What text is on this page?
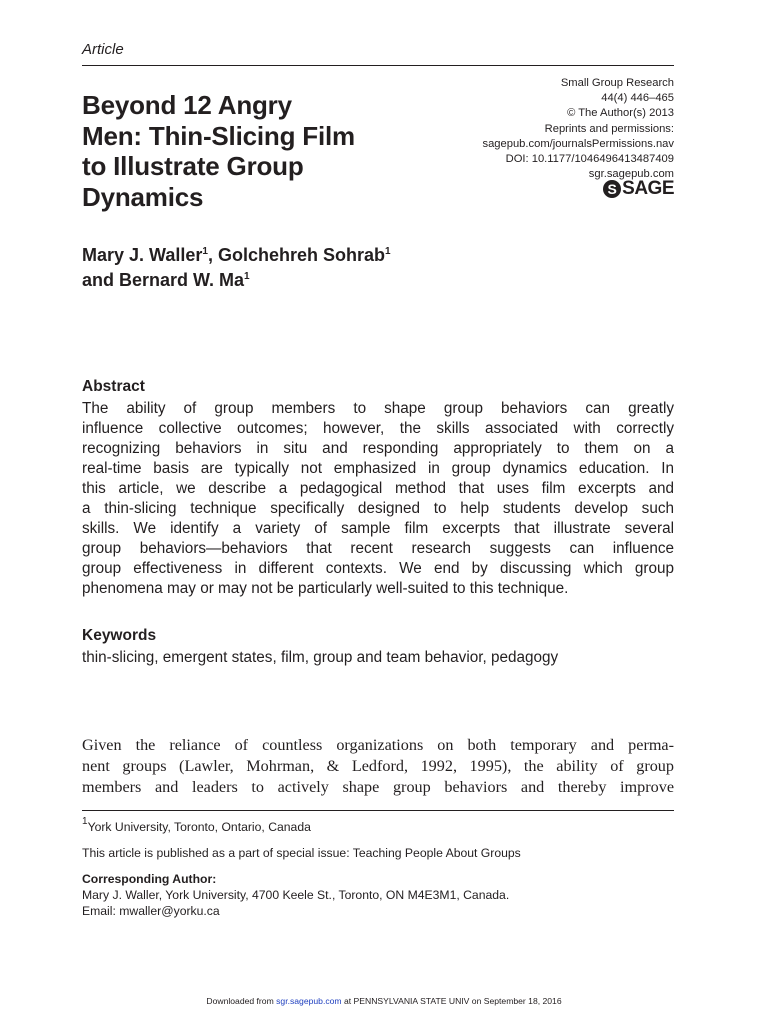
Article
Small Group Research
44(4) 446–465
© The Author(s) 2013
Reprints and permissions:
sagepub.com/journalsPermissions.nav
DOI: 10.1177/1046496413487409
sgr.sagepub.com
S SAGE
Beyond 12 Angry
Men: Thin-Slicing Film
to Illustrate Group
Dynamics
Mary J. Waller$^1$, Golchehreh Sohrab$^1$
and Bernard W. Ma$^1$
Abstract
The ability of group members to shape group behaviors can greatly
influence collective outcomes; however, the skills associated with correctly
recognizing behaviors in situ and responding appropriately to them on a
real-time basis are typically not emphasized in group dynamics education. In
this article, we describe a pedagogical method that uses film excerpts and
a thin-slicing technique specifically designed to help students develop such
skills. We identify a variety of sample film excerpts that illustrate several
group behaviors—behaviors that recent research suggests can influence
group effectiveness in different contexts. We end by discussing which group
phenomena may or may not be particularly well-suited to this technique.
Keywords
thin-slicing, emergent states, film, group and team behavior, pedagogy
Given the reliance of countless organizations on both temporary and perma-
nent groups (Lawler, Mohrman, & Ledford, 1992, 1995), the ability of group
members and leaders to actively shape group behaviors and thereby improve
$^1$York University, Toronto, Ontario, Canada
This article is published as a part of special issue: Teaching People About Groups
Corresponding Author:
Mary J. Waller, York University, 4700 Keele St., Toronto, ON M4E3M1, Canada.
Email: mwaller@yorku.ca
Downloaded from sgr.sagepub.com at PENNSYLVANIA STATE UNIV on September 18, 2016
